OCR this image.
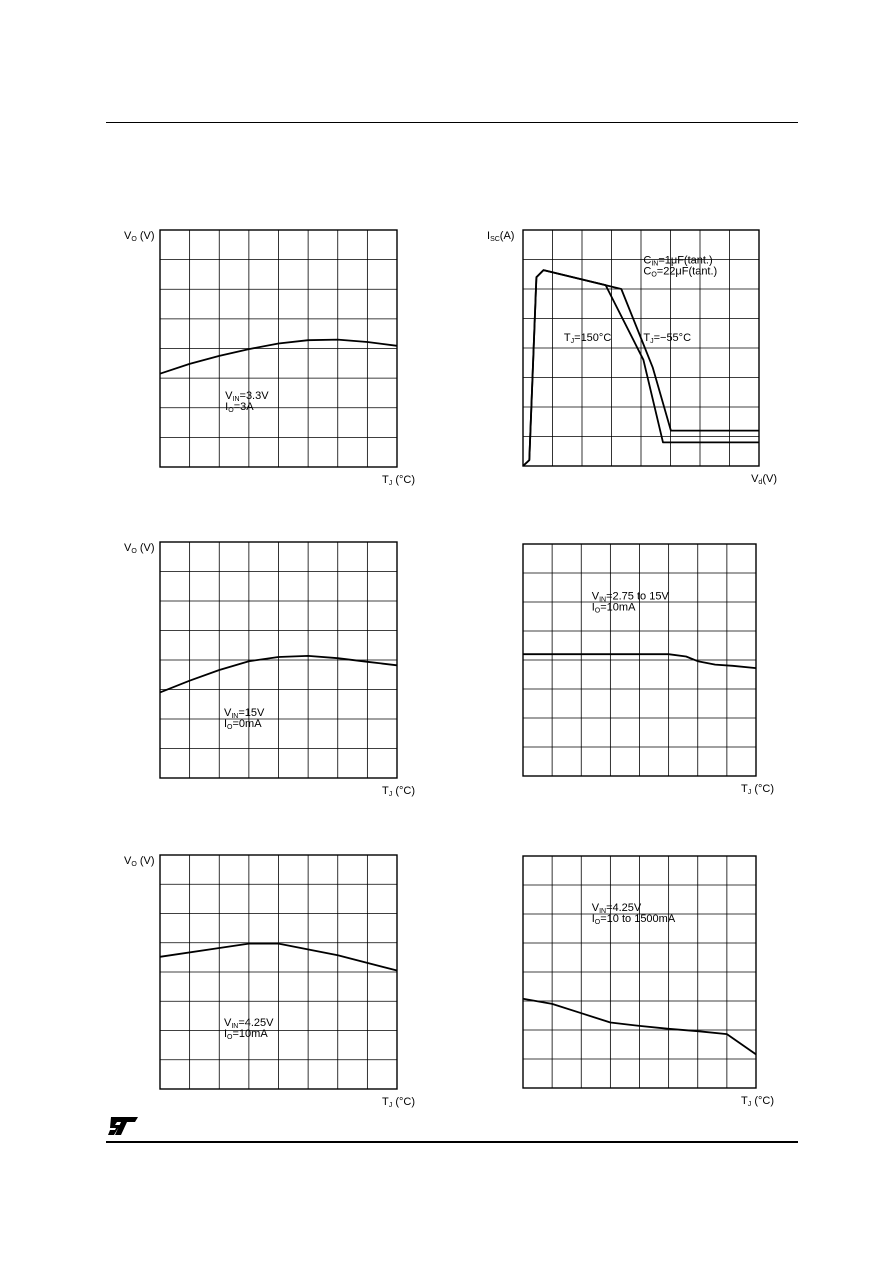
TJ (°C)
VO (V)
VIN=3.3V
IO=3A
Vd(V)
ISC(A)
CIN=1μF(tant.)
CO=22μF(tant.)
TJ=150°C	TJ=−55°C
TJ (°C)
VO (V)
VIN=15V
IO=0mA
TJ (°C)
VIN=2.75 to 15V
IO=10mA
TJ (°C)
VO (V)
VIN=4.25V
IO=10mA
TJ (°C)
VIN=4.25V
IO=10 to 1500mA
